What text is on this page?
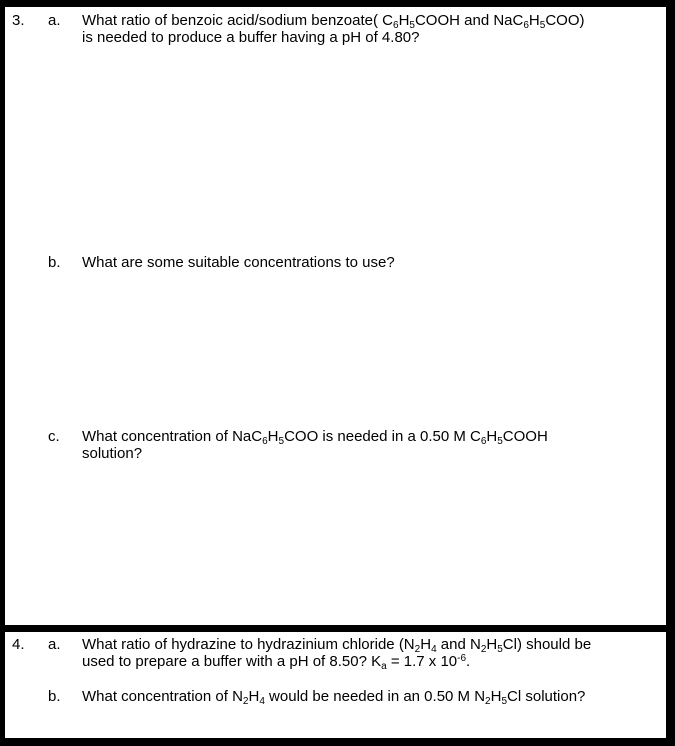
3. a. What ratio of benzoic acid/sodium benzoate( $C_6H_5COOH$ and $NaC_6H_5COO$)
is needed to produce a buffer having a pH of 4.80?
b. What are some suitable concentrations to use?
c. What concentration of $NaC_6H_5COO$ is needed in a 0.50 M $C_6H_5COOH$
solution?
4. a. What ratio of hydrazine to hydrazinium chloride ($N_2H_4$ and $N_2H_5Cl$) should be
used to prepare a buffer with a pH of 8.50? $K_a = 1.7$ x $10^{-6}$.
b. What concentration of $N_2H_4$ would be needed in an 0.50 M $N_2H_5Cl$ solution?
